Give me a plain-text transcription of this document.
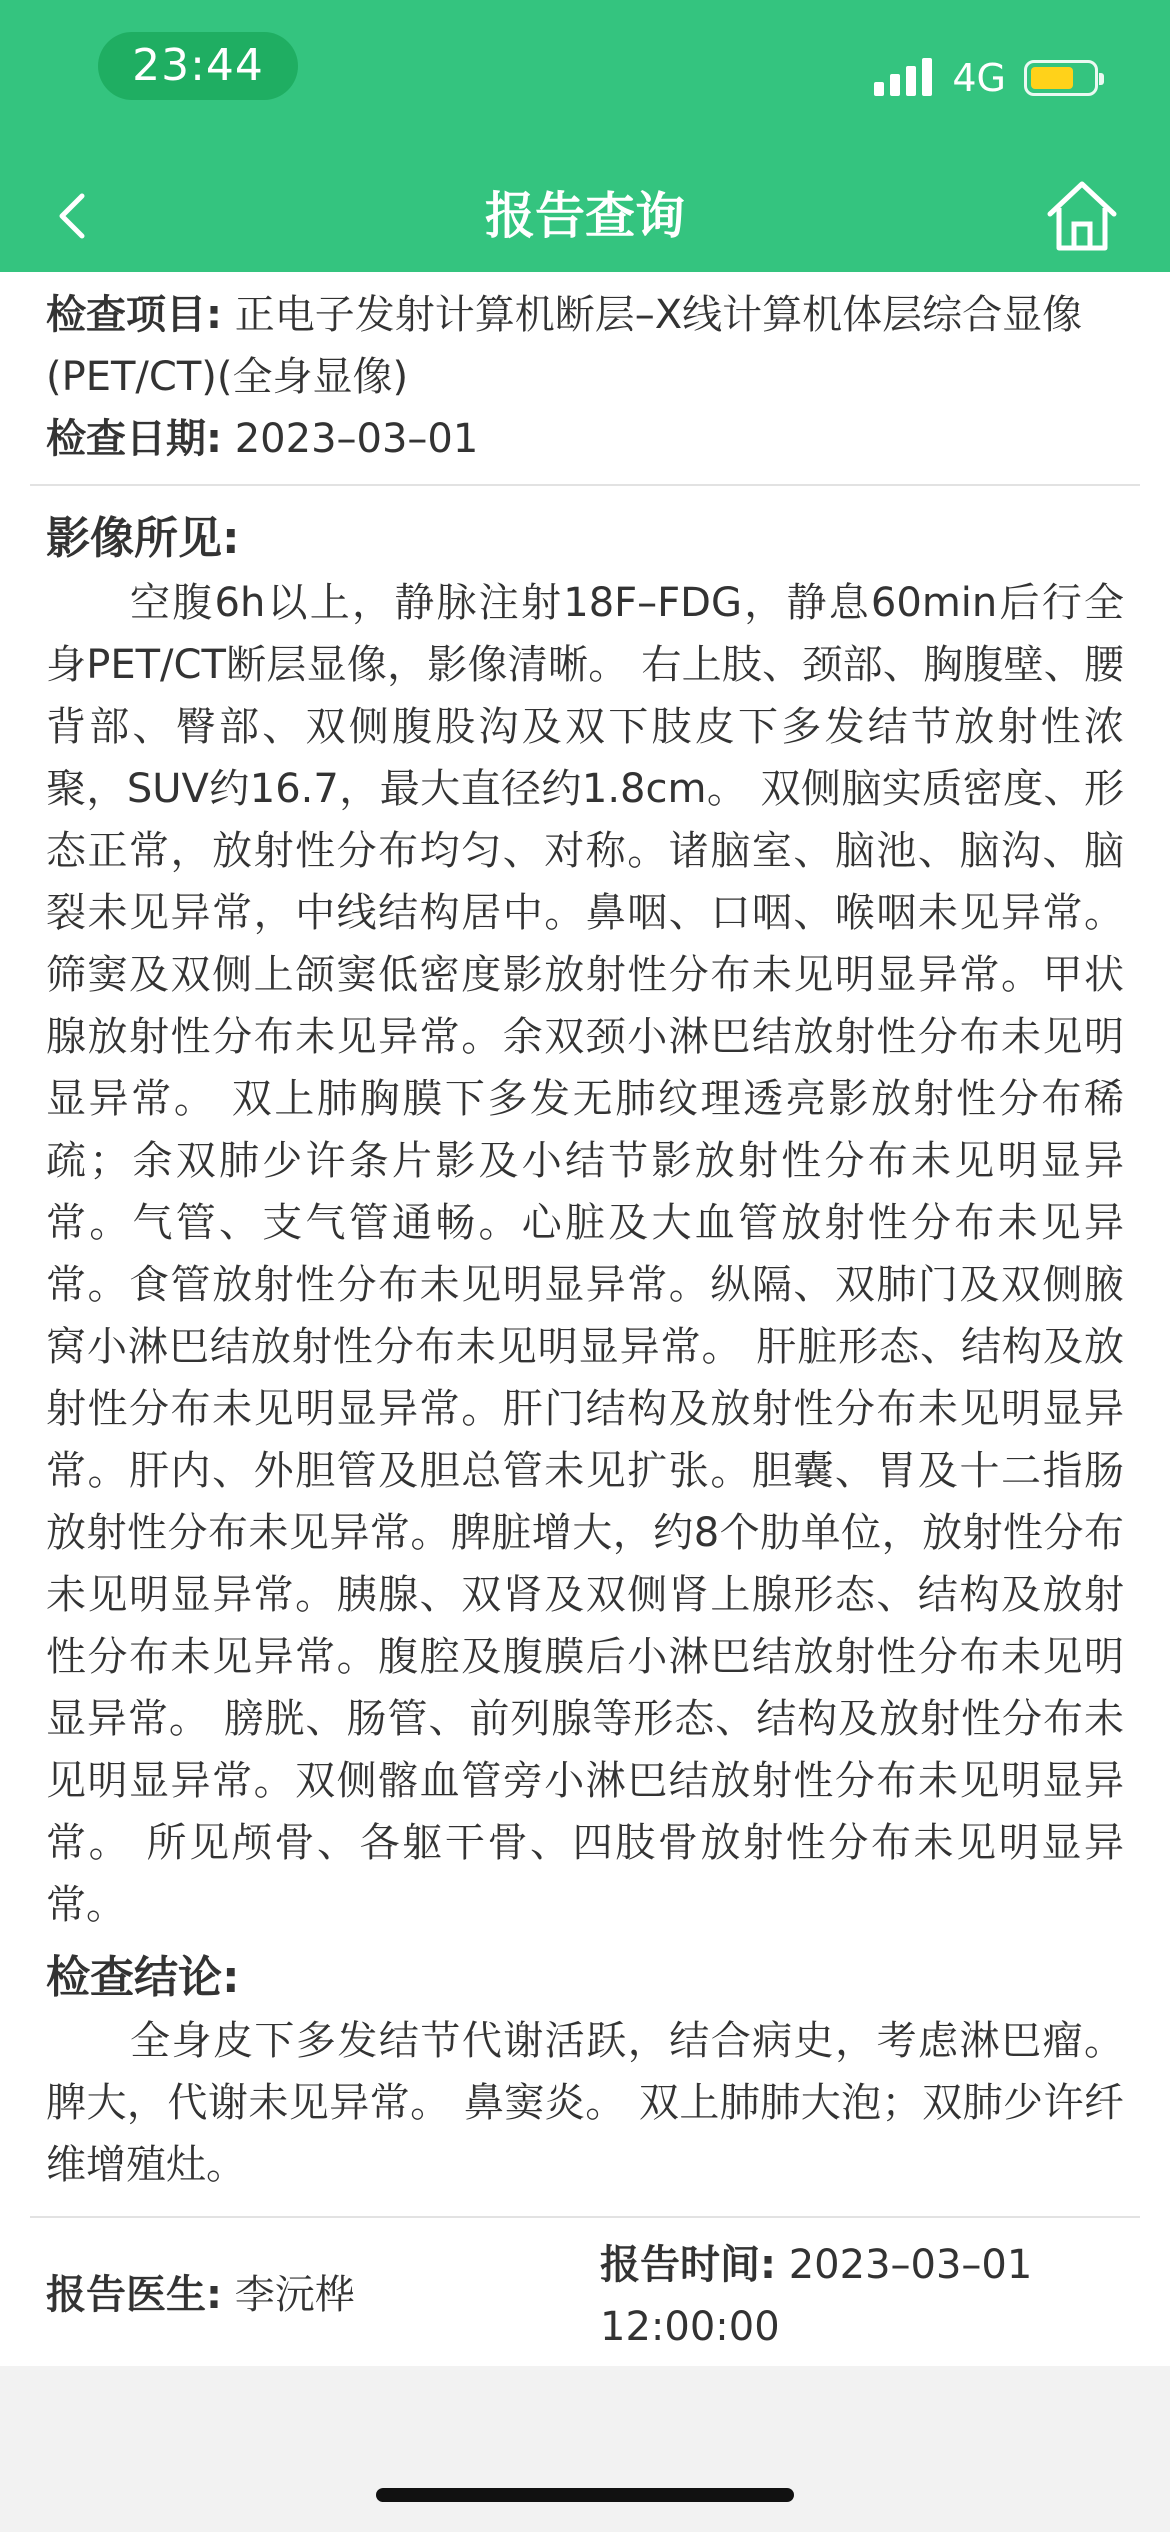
23:44	4G
报告查询
检查项目: 正电子发射计算机断层–X线计算机体层综合显像(PET/CT)(全身显像)
检查日期: 2023–03–01
影像所见:
空腹6h以上，静脉注射18F–FDG，静息60min后行全身PET/CT断层显像，影像清晰。 右上肢、颈部、胸腹壁、腰背部、臀部、双侧腹股沟及双下肢皮下多发结节放射性浓聚，SUV约16.7，最大直径约1.8cm。 双侧脑实质密度、形态正常，放射性分布均匀、对称。诸脑室、脑池、脑沟、脑裂未见异常，中线结构居中。鼻咽、口咽、喉咽未见异常。筛窦及双侧上颌窦低密度影放射性分布未见明显异常。甲状腺放射性分布未见异常。余双颈小淋巴结放射性分布未见明显异常。 双上肺胸膜下多发无肺纹理透亮影放射性分布稀疏；余双肺少许条片影及小结节影放射性分布未见明显异常。气管、支气管通畅。心脏及大血管放射性分布未见异常。食管放射性分布未见明显异常。纵隔、双肺门及双侧腋窝小淋巴结放射性分布未见明显异常。 肝脏形态、结构及放射性分布未见明显异常。肝门结构及放射性分布未见明显异常。肝内、外胆管及胆总管未见扩张。胆囊、胃及十二指肠放射性分布未见异常。脾脏增大，约8个肋单位，放射性分布未见明显异常。胰腺、双肾及双侧肾上腺形态、结构及放射性分布未见异常。腹腔及腹膜后小淋巴结放射性分布未见明显异常。 膀胱、肠管、前列腺等形态、结构及放射性分布未见明显异常。双侧髂血管旁小淋巴结放射性分布未见明显异常。 所见颅骨、各躯干骨、四肢骨放射性分布未见明显异常。
检查结论:
全身皮下多发结节代谢活跃，结合病史，考虑淋巴瘤。 脾大，代谢未见异常。 鼻窦炎。 双上肺肺大泡；双肺少许纤维增殖灶。
报告医生: 李沅桦
报告时间: 2023–03–01 12:00:00
